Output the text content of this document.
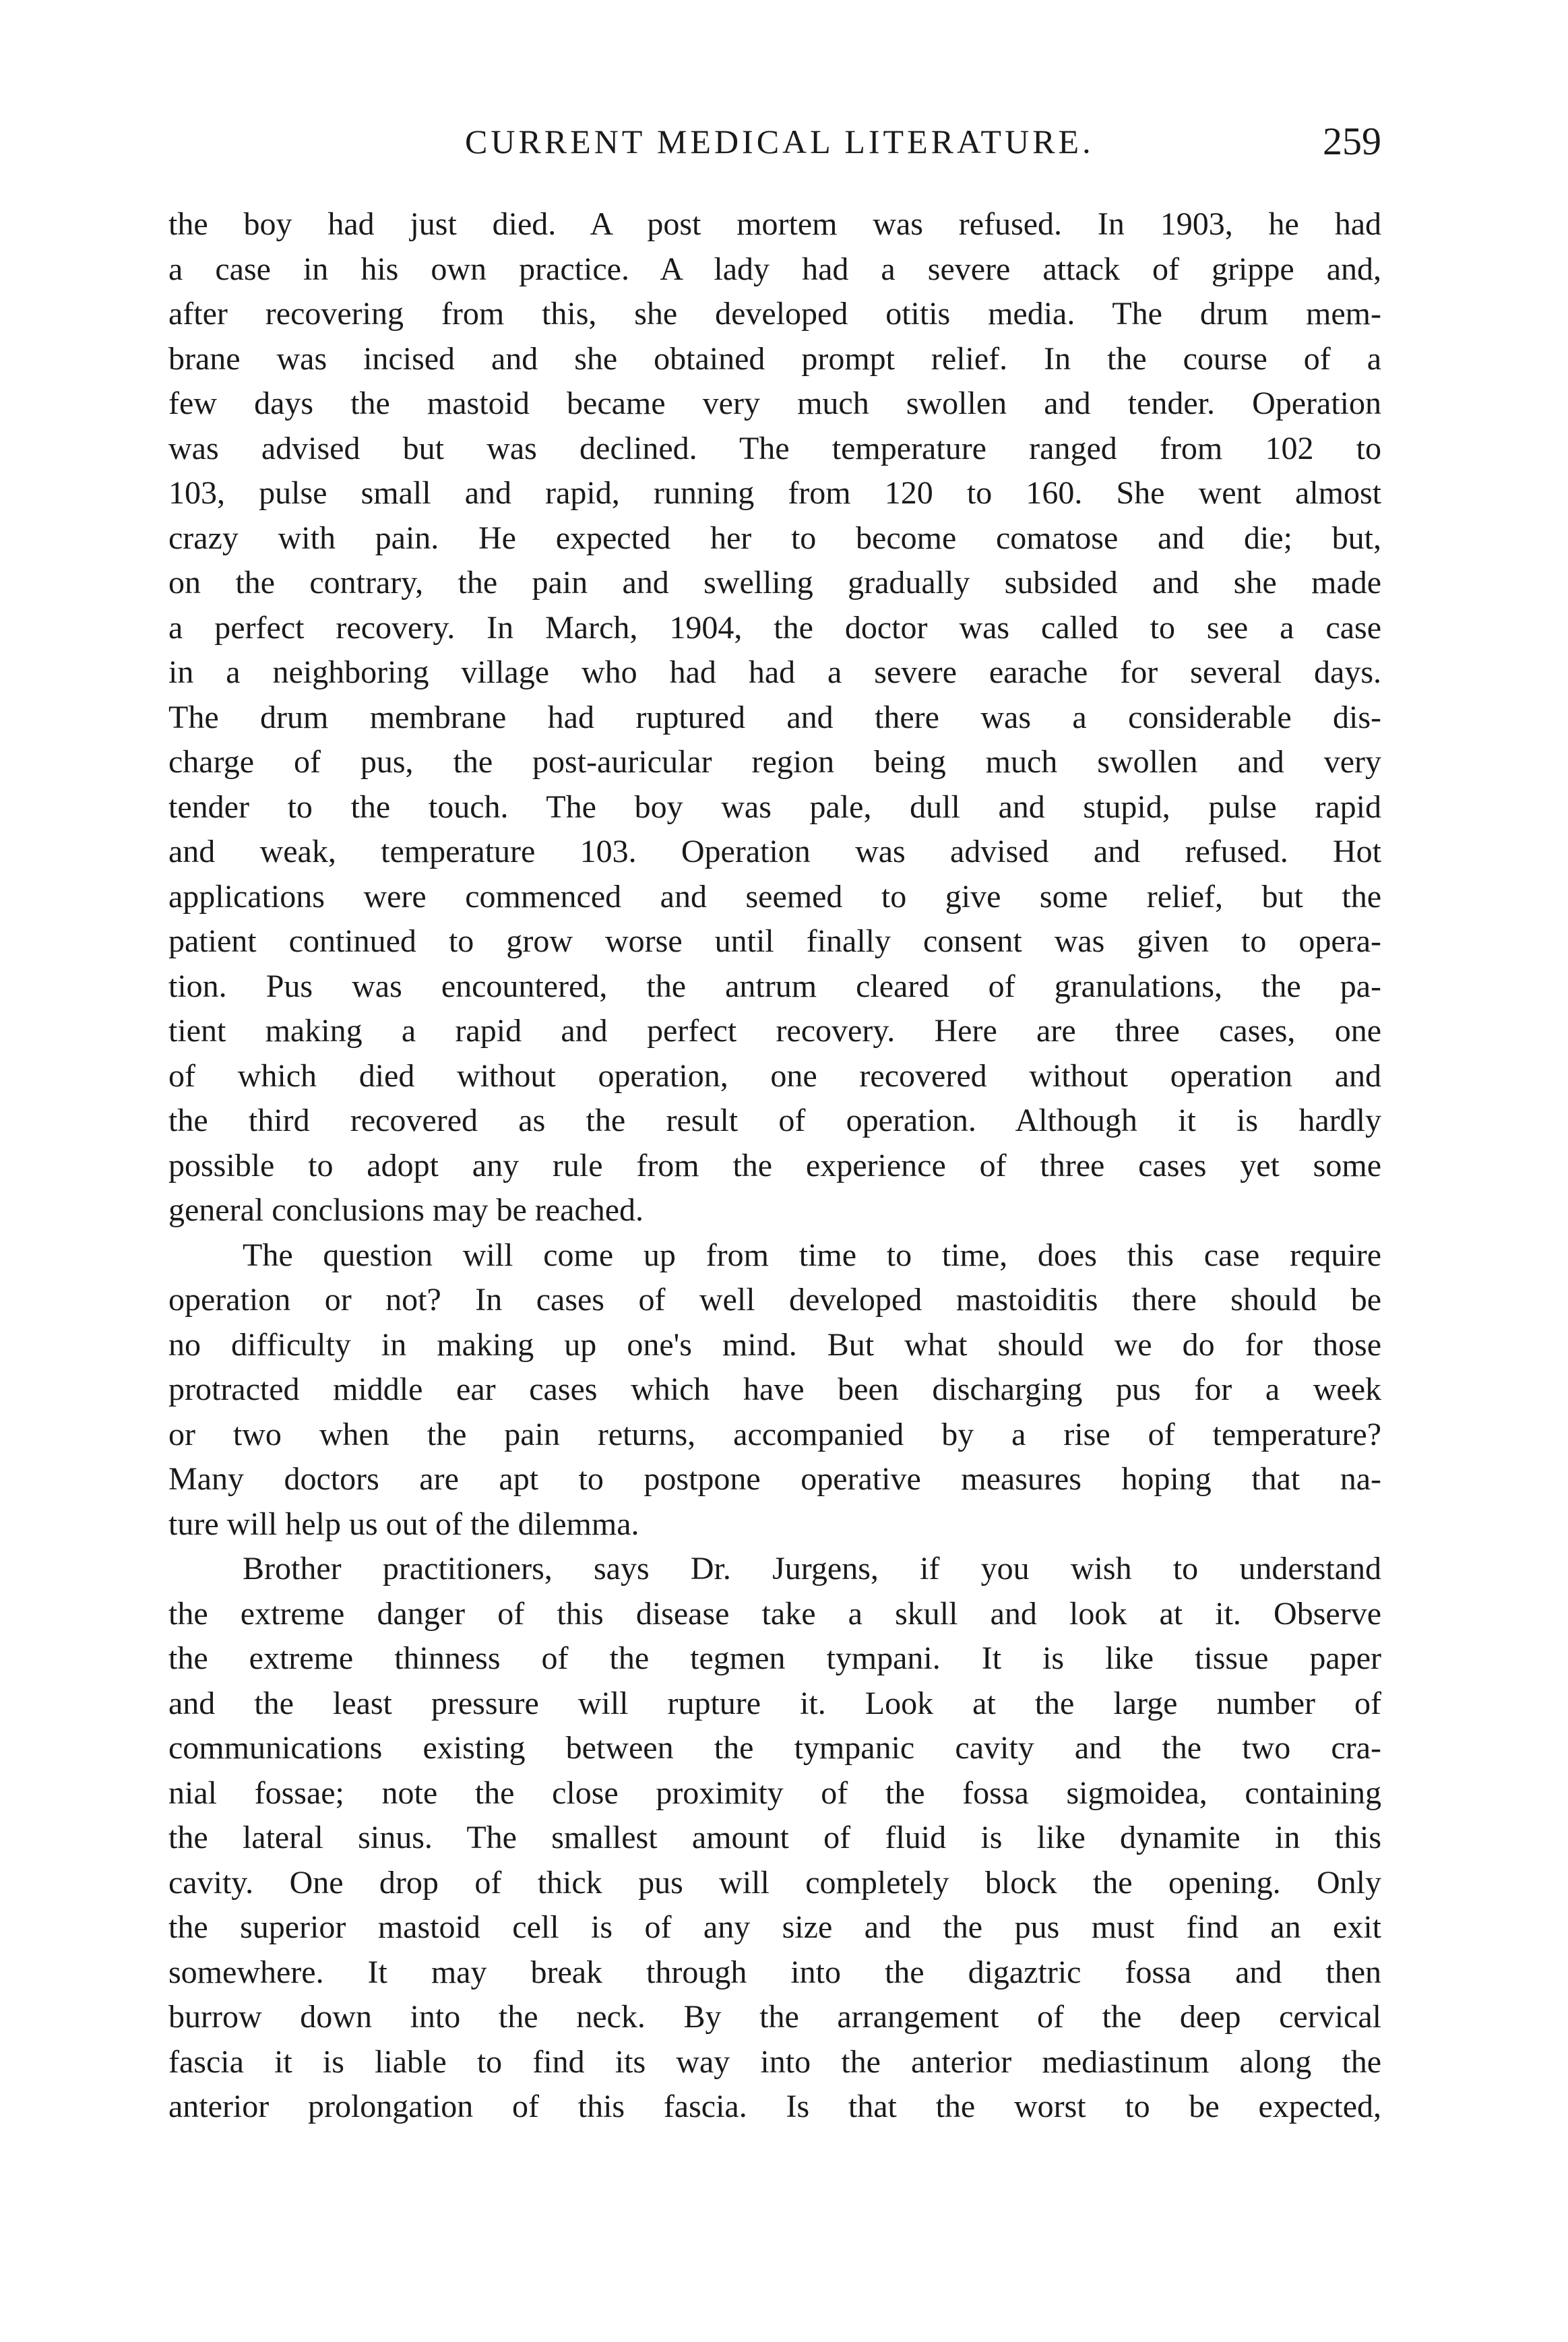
CURRENT MEDICAL LITERATURE.	259
the boy had just died. A post mortem was refused. In 1903, he had
a case in his own practice. A lady had a severe attack of grippe and,
after recovering from this, she developed otitis media. The drum mem-
brane was incised and she obtained prompt relief. In the course of a
few days the mastoid became very much swollen and tender. Operation
was advised but was declined. The temperature ranged from 102 to
103, pulse small and rapid, running from 120 to 160. She went almost
crazy with pain. He expected her to become comatose and die; but,
on the contrary, the pain and swelling gradually subsided and she made
a perfect recovery. In March, 1904, the doctor was called to see a case
in a neighboring village who had had a severe earache for several days.
The drum membrane had ruptured and there was a considerable dis-
charge of pus, the post-auricular region being much swollen and very
tender to the touch. The boy was pale, dull and stupid, pulse rapid
and weak, temperature 103. Operation was advised and refused. Hot
applications were commenced and seemed to give some relief, but the
patient continued to grow worse until finally consent was given to opera-
tion. Pus was encountered, the antrum cleared of granulations, the pa-
tient making a rapid and perfect recovery. Here are three cases, one
of which died without operation, one recovered without operation and
the third recovered as the result of operation. Although it is hardly
possible to adopt any rule from the experience of three cases yet some
general conclusions may be reached.
The question will come up from time to time, does this case require
operation or not? In cases of well developed mastoiditis there should be
no difficulty in making up one's mind. But what should we do for those
protracted middle ear cases which have been discharging pus for a week
or two when the pain returns, accompanied by a rise of temperature?
Many doctors are apt to postpone operative measures hoping that na-
ture will help us out of the dilemma.
Brother practitioners, says Dr. Jurgens, if you wish to understand
the extreme danger of this disease take a skull and look at it. Observe
the extreme thinness of the tegmen tympani. It is like tissue paper
and the least pressure will rupture it. Look at the large number of
communications existing between the tympanic cavity and the two cra-
nial fossae; note the close proximity of the fossa sigmoidea, containing
the lateral sinus. The smallest amount of fluid is like dynamite in this
cavity. One drop of thick pus will completely block the opening. Only
the superior mastoid cell is of any size and the pus must find an exit
somewhere. It may break through into the digaztric fossa and then
burrow down into the neck. By the arrangement of the deep cervical
fascia it is liable to find its way into the anterior mediastinum along the
anterior prolongation of this fascia. Is that the worst to be expected,
